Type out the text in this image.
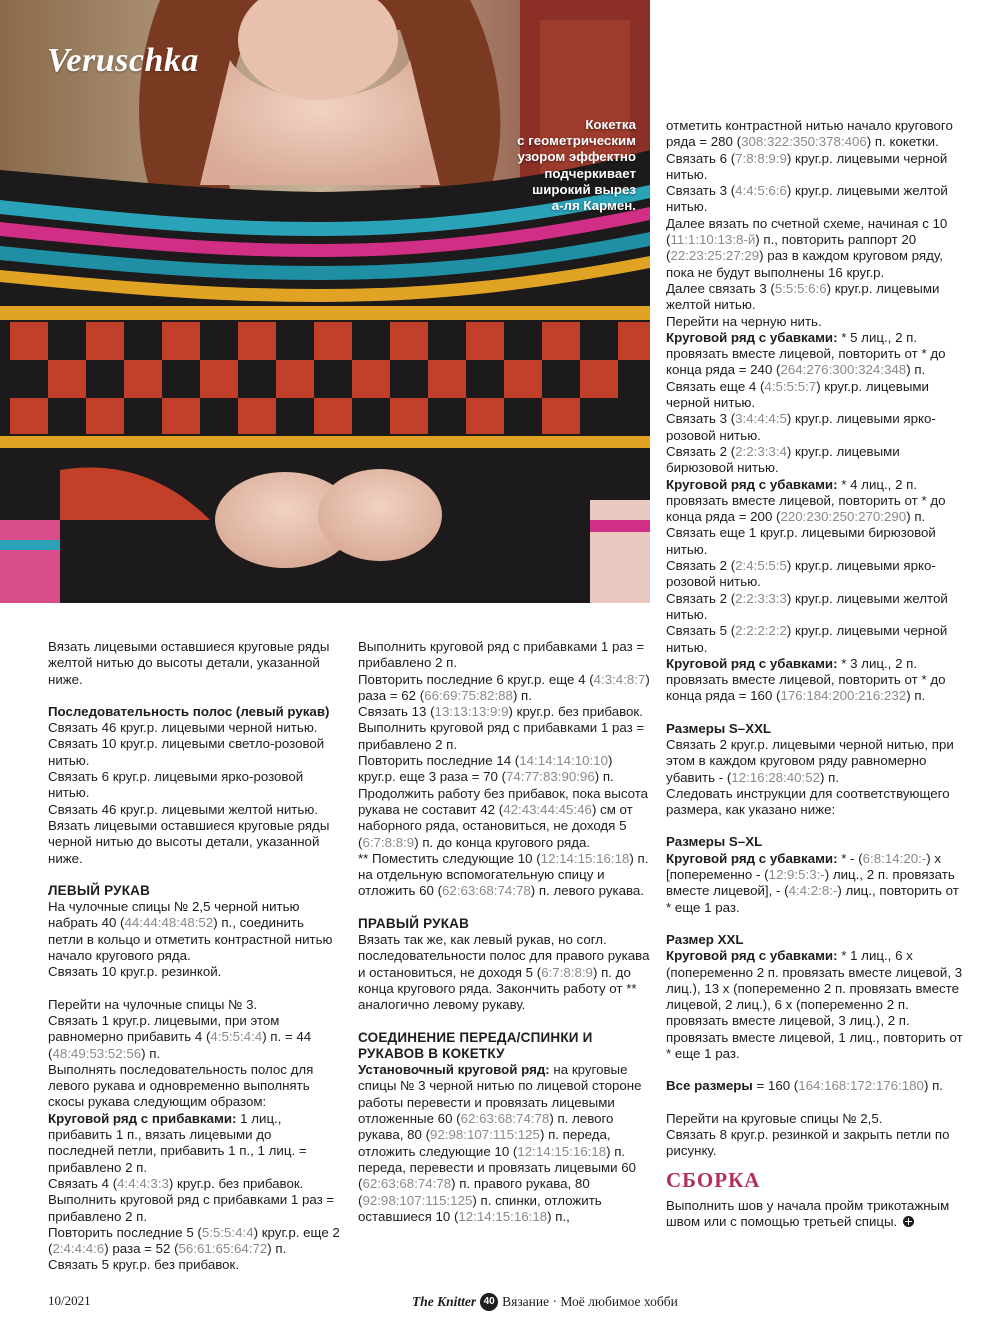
Veruschka
Кокетка
с геометрическим
узором эффектно
подчеркивает
широкий вырез
а-ля Кармен.

Вязать лицевыми оставшиеся круговые ряды желтой нитью до высоты детали, указанной ниже.

Последовательность полос (левый рукав)

Связать 46 круг.р. лицевыми черной нитью.

Связать 10 круг.р. лицевыми светло-розовой нитью.

Связать 6 круг.р. лицевыми ярко-розовой нитью.

Связать 46 круг.р. лицевыми желтой нитью.

Вязать лицевыми оставшиеся круговые ряды черной нитью до высоты детали, указанной ниже.

ЛЕВЫЙ РУКАВ

На чулочные спицы № 2,5 черной нитью набрать 40 (44:44:48:48:52) п., соединить петли в кольцо и отметить контрастной нитью начало кругового ряда.

Связать 10 круг.р. резинкой.

Перейти на чулочные спицы № 3.

Связать 1 круг.р. лицевыми, при этом равномерно прибавить 4 (4:5:5:4:4) п. = 44 (48:49:53:52:56) п.

Выполнять последовательность полос для левого рукава и одновременно выполнять скосы рукава следующим образом:

Круговой ряд с прибавками: 1 лиц., прибавить 1 п., вязать лицевыми до последней петли, прибавить 1 п., 1 лиц. = прибавлено 2 п.

Связать 4 (4:4:4:3:3) круг.р. без прибавок.

Выполнить круговой ряд с прибавками 1 раз = прибавлено 2 п.

Повторить последние 5 (5:5:5:4:4) круг.р. еще 2 (2:4:4:4:6) раза = 52 (56:61:65:64:72) п.

Связать 5 круг.р. без прибавок.

Выполнить круговой ряд с прибавками 1 раз = прибавлено 2 п.

Повторить последние 6 круг.р. еще 4 (4:3:4:8:7) раза = 62 (66:69:75:82:88) п.

Связать 13 (13:13:13:9:9) круг.р. без прибавок.

Выполнить круговой ряд с прибавками 1 раз = прибавлено 2 п.

Повторить последние 14 (14:14:14:10:10) круг.р. еще 3 раза = 70 (74:77:83:90:96) п.

Продолжить работу без прибавок, пока высота рукава не составит 42 (42:43:44:45:46) см от наборного ряда, остановиться, не доходя 5 (6:7:8:8:9) п. до конца кругового ряда.

** Поместить следующие 10 (12:14:15:16:18) п. на отдельную вспомогательную спицу и отложить 60 (62:63:68:74:78) п. левого рукава.

ПРАВЫЙ РУКАВ

Вязать так же, как левый рукав, но согл. последовательности полос для правого рукава и остановиться, не доходя 5 (6:7:8:8:9) п. до конца кругового ряда. Закончить работу от ** аналогично левому рукаву.

СОЕДИНЕНИЕ ПЕРЕДА/СПИНКИ И РУКАВОВ В КОКЕТКУ

Установочный круговой ряд: на круговые спицы № 3 черной нитью по лицевой стороне работы перевести и провязать лицевыми отложенные 60 (62:63:68:74:78) п. левого рукава, 80 (92:98:107:115:125) п. переда, отложить следующие 10 (12:14:15:16:18) п. переда, перевести и провязать лицевыми 60 (62:63:68:74:78) п. правого рукава, 80 (92:98:107:115:125) п. спинки, отложить оставшиеся 10 (12:14:15:16:18) п.,

отметить контрастной нитью начало кругового ряда = 280 (308:322:350:378:406) п. кокетки.

Связать 6 (7:8:8:9:9) круг.р. лицевыми черной нитью.

Связать 3 (4:4:5:6:6) круг.р. лицевыми желтой нитью.

Далее вязать по счетной схеме, начиная с 10 (11:1:10:13:8-й) п., повторить раппорт 20 (22:23:25:27:29) раз в каждом круговом ряду, пока не будут выполнены 16 круг.р.

Далее связать 3 (5:5:5:6:6) круг.р. лицевыми желтой нитью.

Перейти на черную нить.

Круговой ряд с убавками: * 5 лиц., 2 п. провязать вместе лицевой, повторить от * до конца ряда = 240 (264:276:300:324:348) п.

Связать еще 4 (4:5:5:5:7) круг.р. лицевыми черной нитью.

Связать 3 (3:4:4:4:5) круг.р. лицевыми ярко-розовой нитью.

Связать 2 (2:2:3:3:4) круг.р. лицевыми бирюзовой нитью.

Круговой ряд с убавками: * 4 лиц., 2 п. провязать вместе лицевой, повторить от * до конца ряда = 200 (220:230:250:270:290) п.

Связать еще 1 круг.р. лицевыми бирюзовой нитью.

Связать 2 (2:4:5:5:5) круг.р. лицевыми ярко-розовой нитью.

Связать 2 (2:2:3:3:3) круг.р. лицевыми желтой нитью.

Связать 5 (2:2:2:2:2) круг.р. лицевыми черной нитью.

Круговой ряд с убавками: * 3 лиц., 2 п. провязать вместе лицевой, повторить от * до конца ряда = 160 (176:184:200:216:232) п.

Размеры S–XXL

Связать 2 круг.р. лицевыми черной нитью, при этом в каждом круговом ряду равномерно убавить - (12:16:28:40:52) п.

Следовать инструкции для соответствующего размера, как указано ниже:

Размеры S–XL

Круговой ряд с убавками: * - (6:8:14:20:-) x [попеременно - (12:9:5:3:-) лиц., 2 п. провязать вместе лицевой], - (4:4:2:8:-) лиц., повторить от * еще 1 раз.

Размер XXL

Круговой ряд с убавками: * 1 лиц., 6 x (попеременно 2 п. провязать вместе лицевой, 3 лиц.), 13 x (попеременно 2 п. провязать вместе лицевой, 2 лиц.), 6 x (попеременно 2 п. провязать вместе лицевой, 3 лиц.), 2 п. провязать вместе лицевой, 1 лиц., повторить от * еще 1 раз.

Все размеры = 160 (164:168:172:176:180) п.

Перейти на круговые спицы № 2,5.

Связать 8 круг.р. резинкой и закрыть петли по рисунку.

СБОРКА

Выполнить шов у начала пройм трикотажным швом или с помощью третьей спицы.

10/2021	The Knitter 40 Вязание · Моё любимое хобби
